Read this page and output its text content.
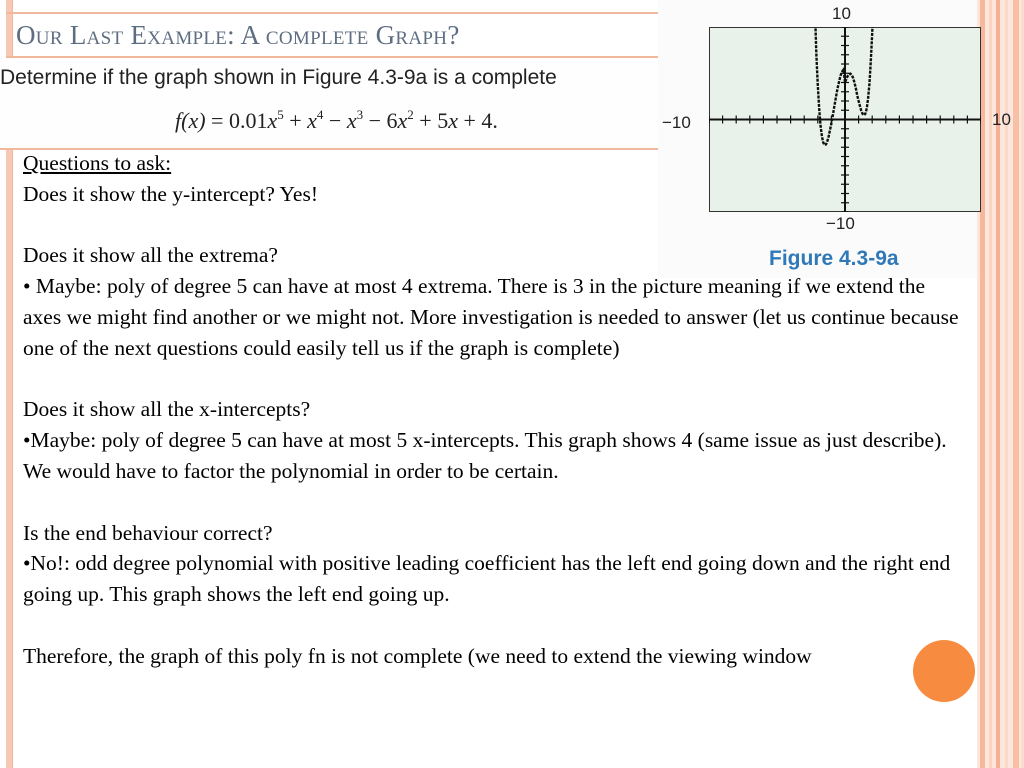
Our Last Example: A complete Graph?
Determine if the graph shown in Figure 4.3-9a is a complete
$f(x) = 0.01x^5 + x^4 - x^3 - 6x^2 + 5x + 4$.
10
−10
−10	10
Figure 4.3-9a

Questions to ask:

Does it show the y-intercept? Yes!

Does it show all the extrema?

• Maybe: poly of degree 5 can have at most 4 extrema. There is 3 in the picture meaning if we extend the axes we might find another or we might not. More investigation is needed to answer (let us continue because one of the next questions could easily tell us if the graph is complete)

Does it show all the x-intercepts?

•Maybe: poly of degree 5 can have at most 5 x-intercepts. This graph shows 4 (same issue as just describe). We would have to factor the polynomial in order to be certain.

Is the end behaviour correct?

•No!: odd degree polynomial with positive leading coefficient has the left end going down and the right end going up. This graph shows the left end going up.

Therefore, the graph of this poly fn is not complete (we need to extend the viewing window
